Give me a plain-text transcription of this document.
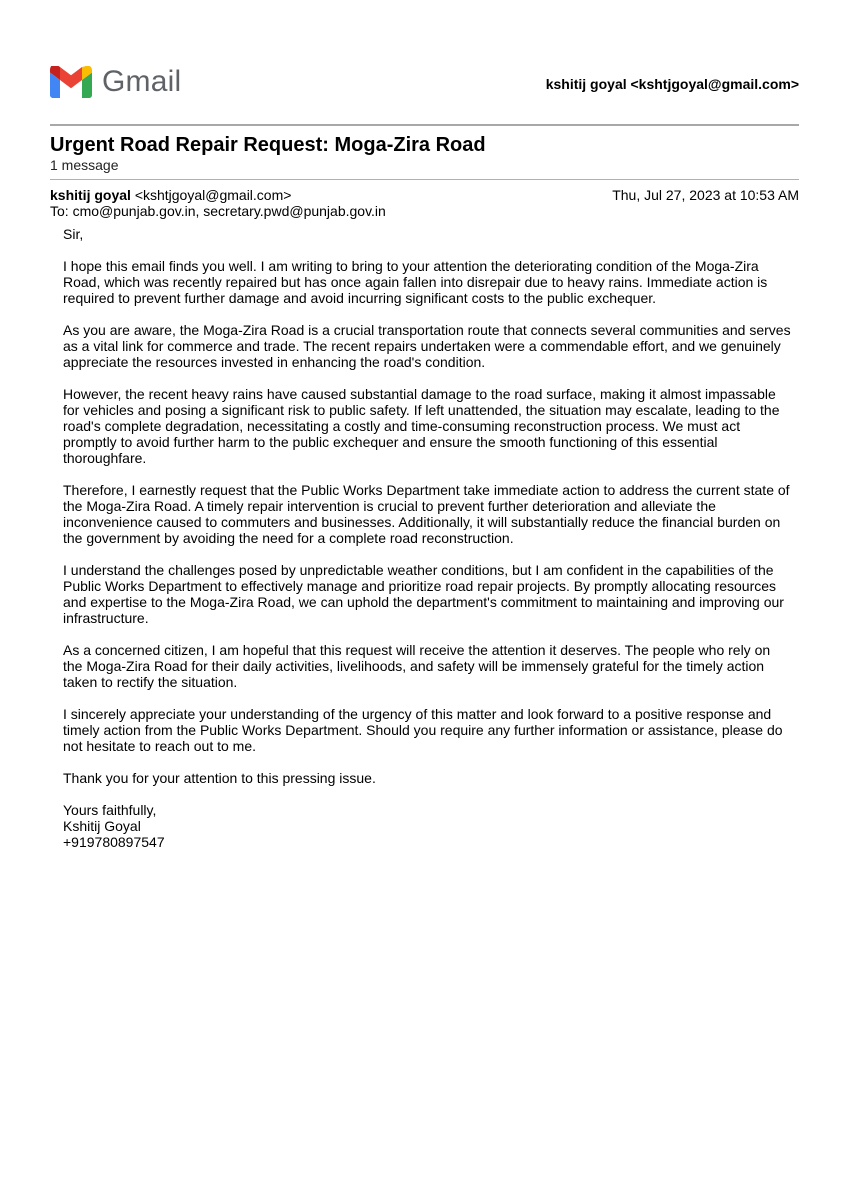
Gmail	kshitij goyal <kshtjgoyal@gmail.com>
Urgent Road Repair Request: Moga-Zira Road
1 message
kshitij goyal <kshtjgoyal@gmail.com>
To: cmo@punjab.gov.in, secretary.pwd@punjab.gov.in
Thu, Jul 27, 2023 at 10:53 AM

Sir,

I hope this email finds you well. I am writing to bring to your attention the deteriorating condition of the Moga-Zira Road, which was recently repaired but has once again fallen into disrepair due to heavy rains. Immediate action is required to prevent further damage and avoid incurring significant costs to the public exchequer.

As you are aware, the Moga-Zira Road is a crucial transportation route that connects several communities and serves as a vital link for commerce and trade. The recent repairs undertaken were a commendable effort, and we genuinely appreciate the resources invested in enhancing the road's condition.

However, the recent heavy rains have caused substantial damage to the road surface, making it almost impassable for vehicles and posing a significant risk to public safety. If left unattended, the situation may escalate, leading to the road's complete degradation, necessitating a costly and time-consuming reconstruction process. We must act promptly to avoid further harm to the public exchequer and ensure the smooth functioning of this essential thoroughfare.

Therefore, I earnestly request that the Public Works Department take immediate action to address the current state of the Moga-Zira Road. A timely repair intervention is crucial to prevent further deterioration and alleviate the inconvenience caused to commuters and businesses. Additionally, it will substantially reduce the financial burden on the government by avoiding the need for a complete road reconstruction.

I understand the challenges posed by unpredictable weather conditions, but I am confident in the capabilities of the Public Works Department to effectively manage and prioritize road repair projects. By promptly allocating resources and expertise to the Moga-Zira Road, we can uphold the department's commitment to maintaining and improving our infrastructure.

As a concerned citizen, I am hopeful that this request will receive the attention it deserves. The people who rely on the Moga-Zira Road for their daily activities, livelihoods, and safety will be immensely grateful for the timely action taken to rectify the situation.

I sincerely appreciate your understanding of the urgency of this matter and look forward to a positive response and timely action from the Public Works Department. Should you require any further information or assistance, please do not hesitate to reach out to me.

Thank you for your attention to this pressing issue.

Yours faithfully,

Kshitij Goyal

+919780897547
